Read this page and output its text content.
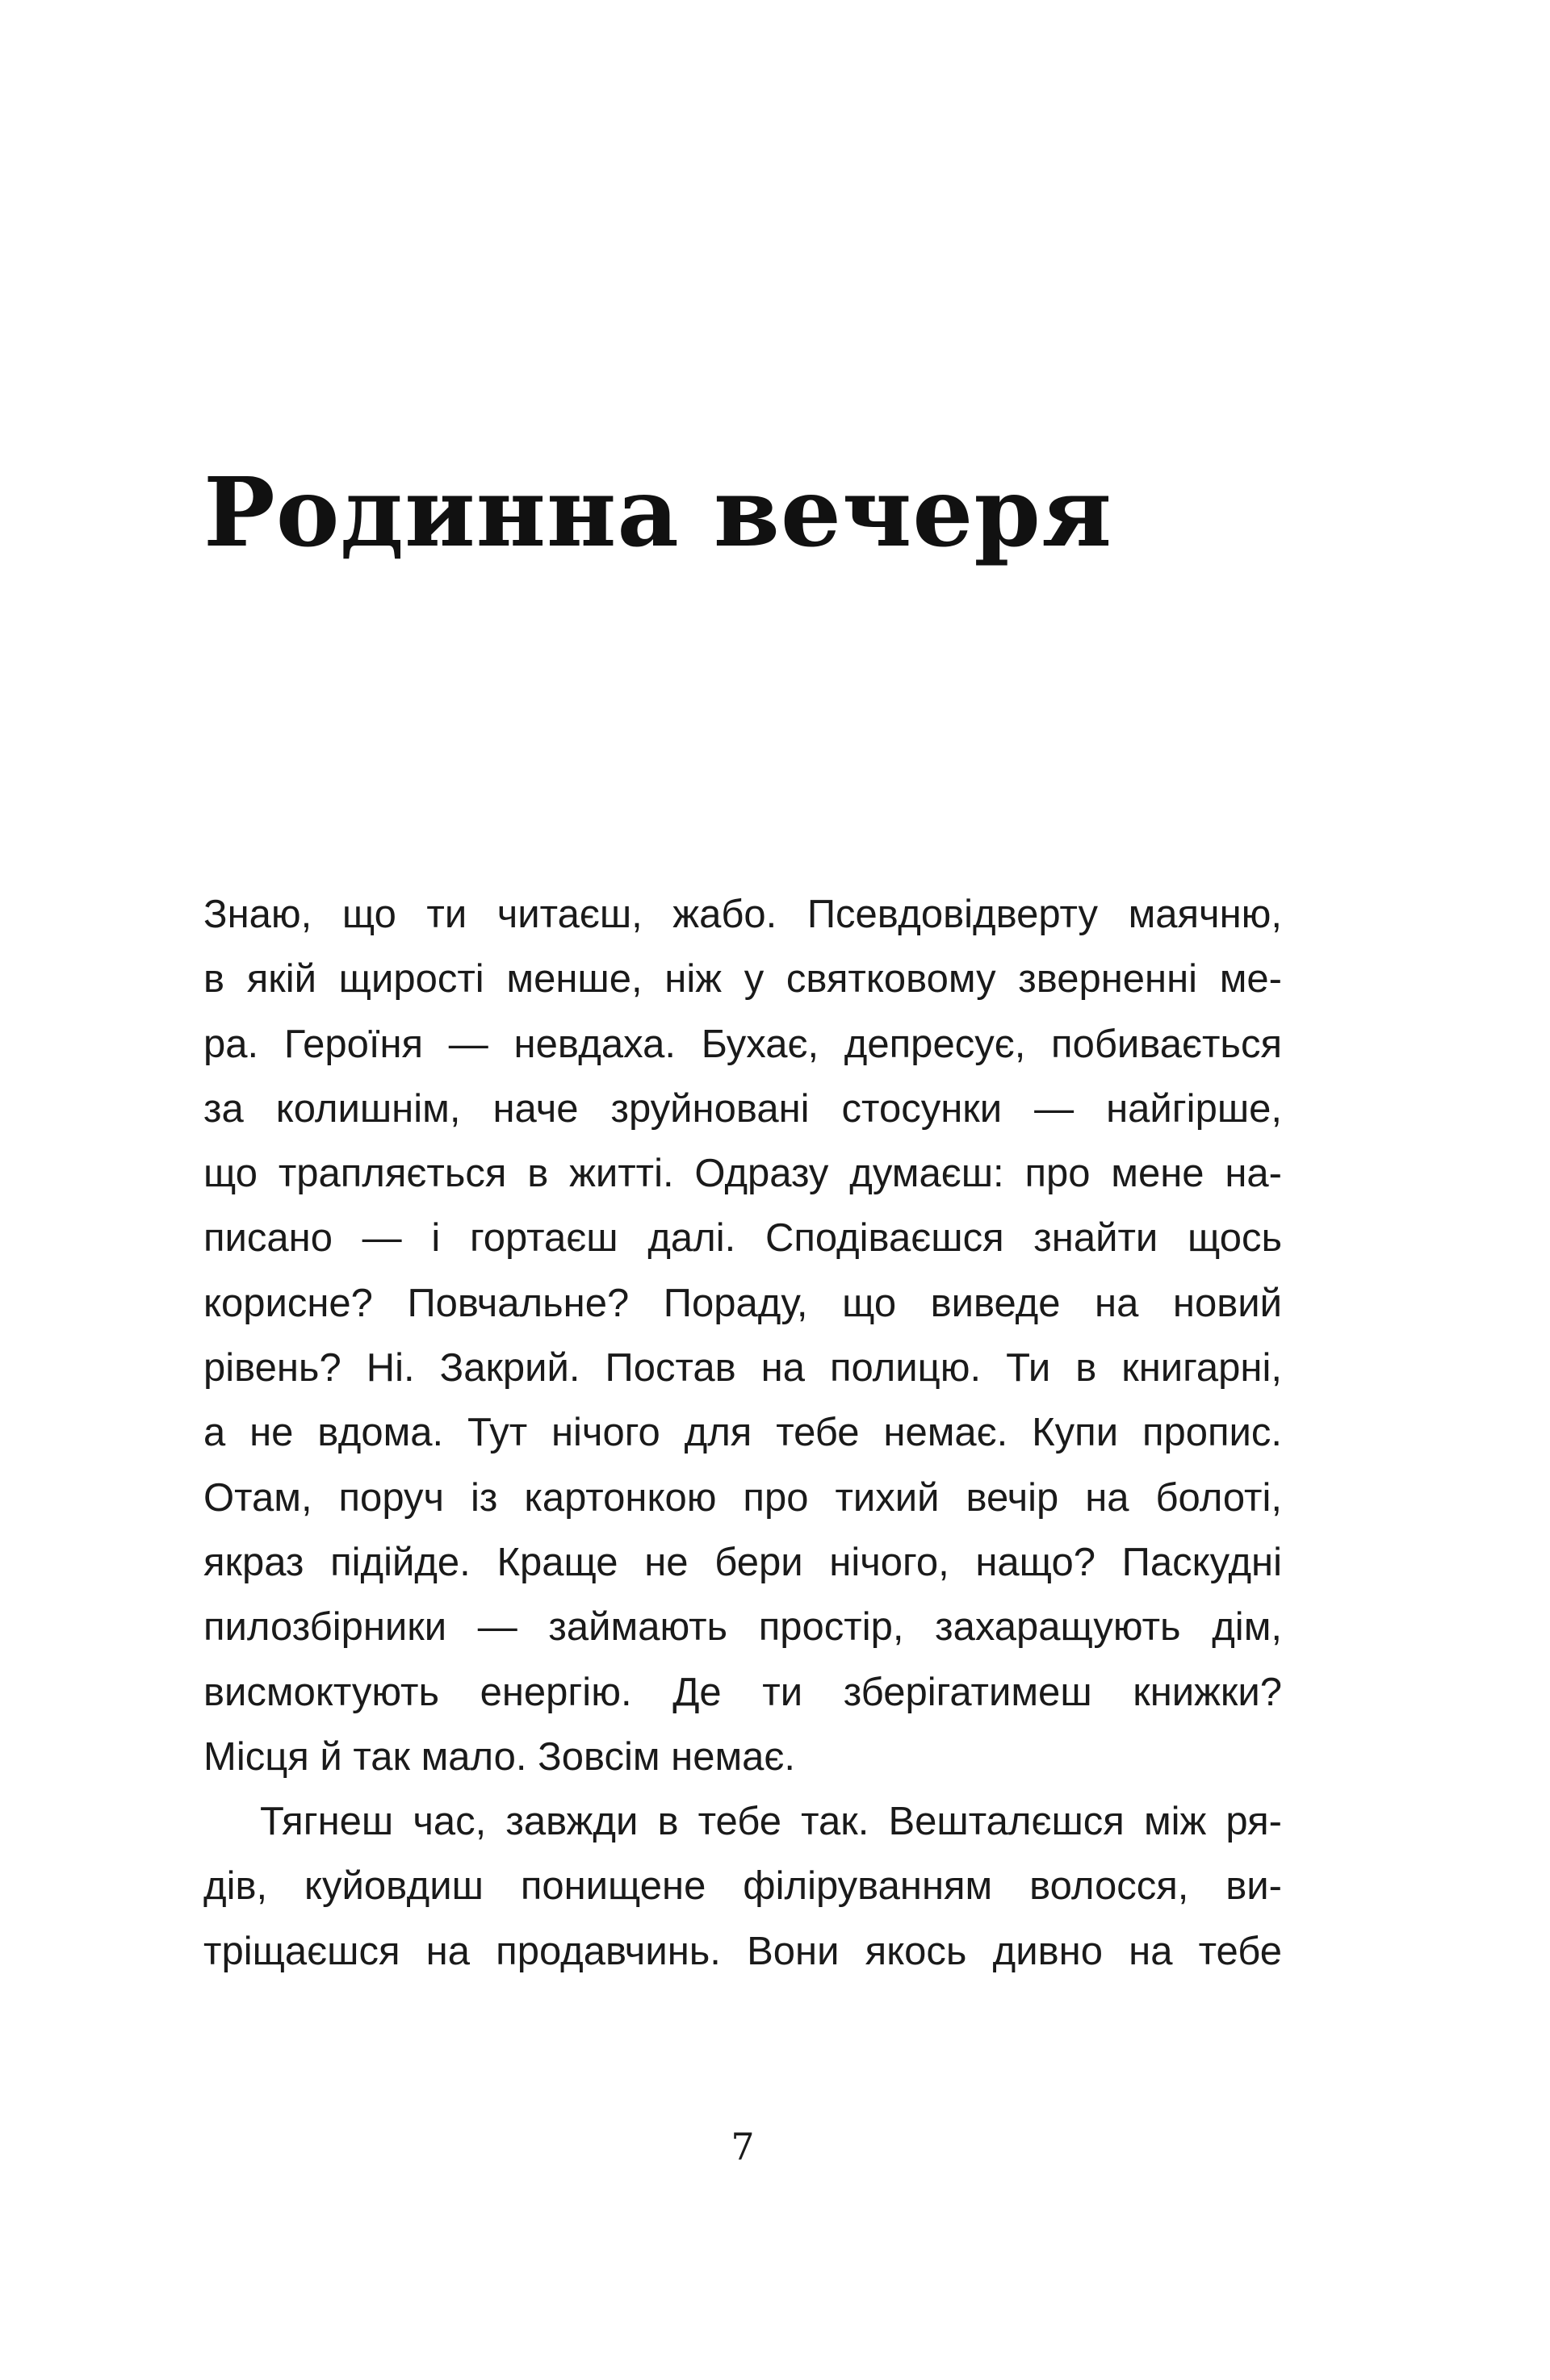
Родинна вечеря
Знаю, що ти читаєш, жабо. Псевдовідверту маячню,
в якій щирості менше, ніж у святковому зверненні ме-
ра. Героїня — невдаха. Бухає, депресує, побивається
за колишнім, наче зруйновані стосунки — найгірше,
що трапляється в житті. Одразу думаєш: про мене на-
писано — і гортаєш далі. Сподіваєшся знайти щось
корисне? Повчальне? Пораду, що виведе на новий
рівень? Ні. Закрий. Постав на полицю. Ти в книгарні,
а не вдома. Тут нічого для тебе немає. Купи пропис.
Отам, поруч із картонкою про тихий вечір на болоті,
якраз підійде. Краще не бери нічого, нащо? Паскудні
пилозбірники — займають простір, захаращують дім,
висмоктують енергію. Де ти зберігатимеш книжки?
Місця й так мало. Зовсім немає.
Тягнеш час, завжди в тебе так. Вешталєшся між ря-
дів, куйовдиш понищене філіруванням волосся, ви-
тріщаєшся на продавчинь. Вони якось дивно на тебе
7
